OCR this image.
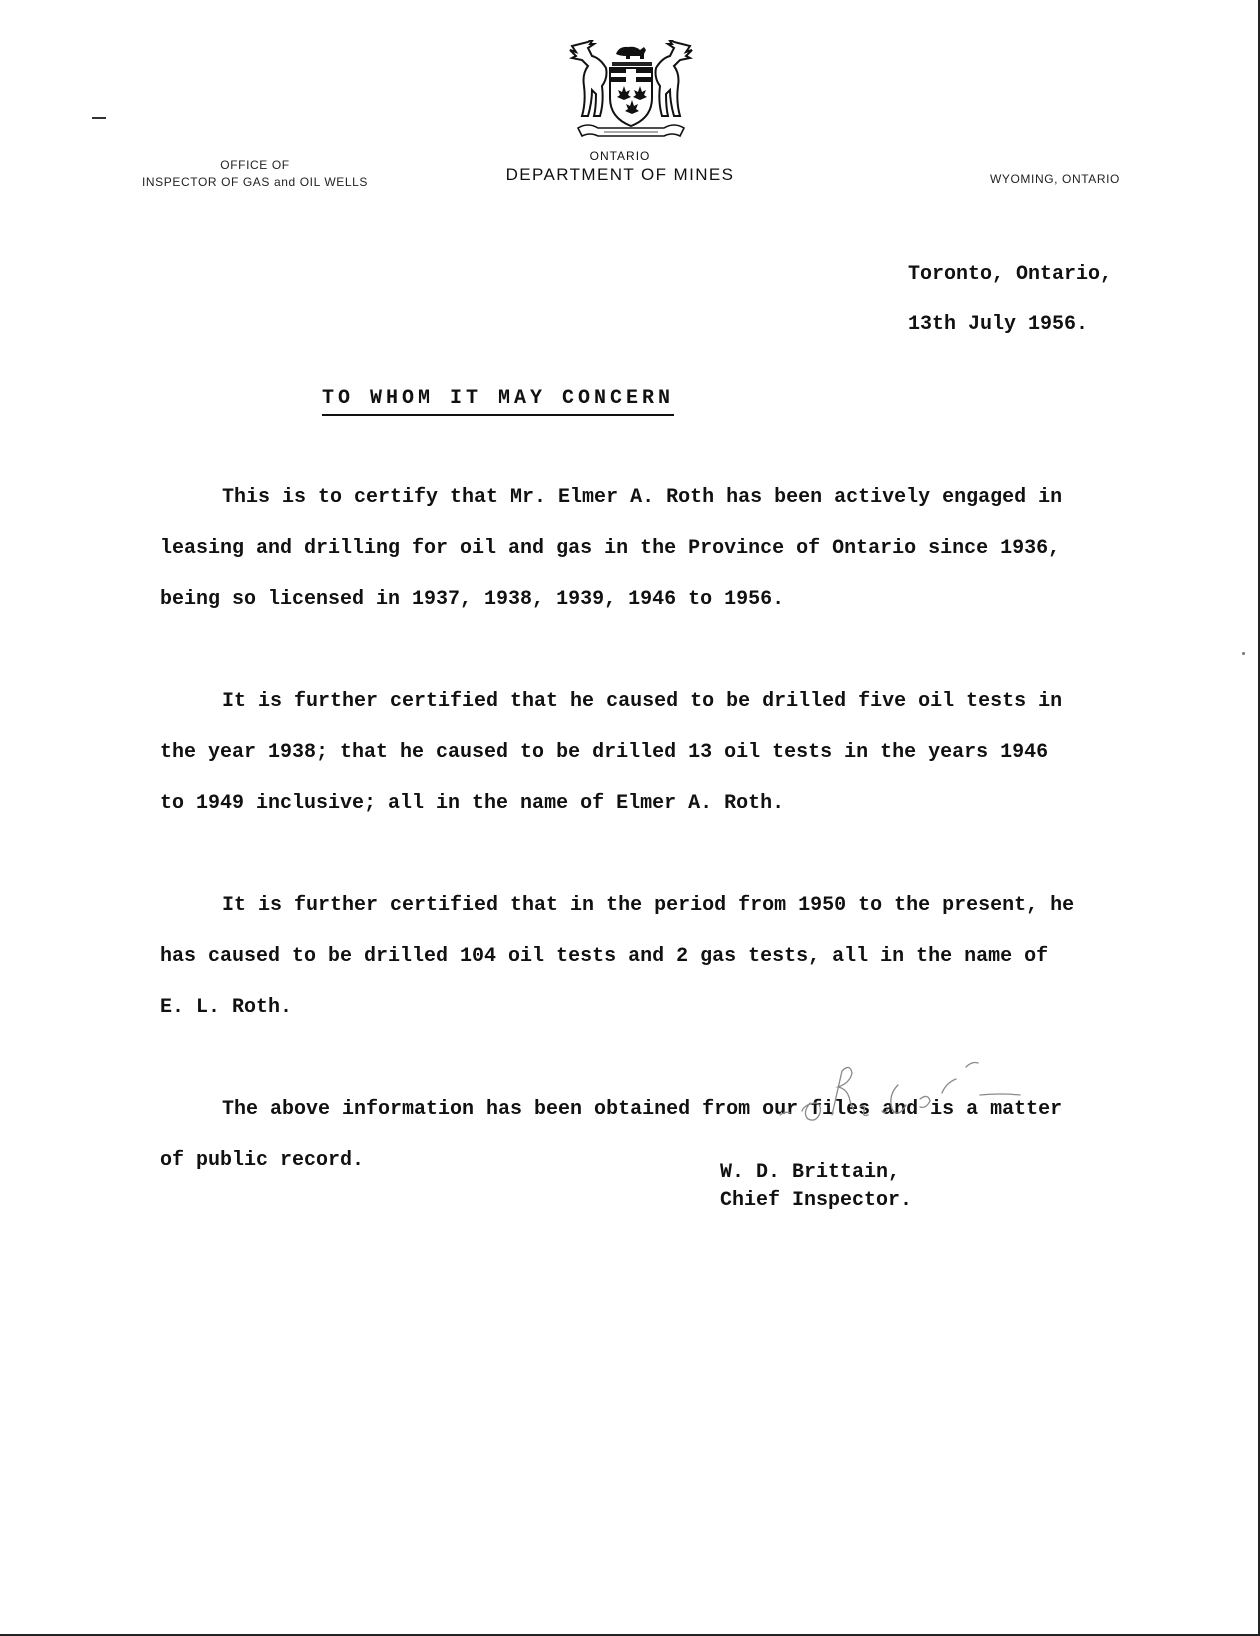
OFFICE OF
INSPECTOR OF GAS and OIL WELLS
ONTARIO
DEPARTMENT OF MINES	WYOMING, ONTARIO
Toronto, Ontario,
13th July 1956.
TO WHOM IT MAY CONCERN
This is to certify that Mr. Elmer A. Roth has been actively engaged in
leasing and drilling for oil and gas in the Province of Ontario since 1936,
being so licensed in 1937, 1938, 1939, 1946 to 1956.
It is further certified that he caused to be drilled five oil tests in
the year 1938; that he caused to be drilled 13 oil tests in the years 1946
to 1949 inclusive; all in the name of Elmer A. Roth.
It is further certified that in the period from 1950 to the present, he
has caused to be drilled 104 oil tests and 2 gas tests, all in the name of
E. L. Roth.
The above information has been obtained from our files and is a matter
of public record.
W. D. Brittain,
Chief Inspector.
